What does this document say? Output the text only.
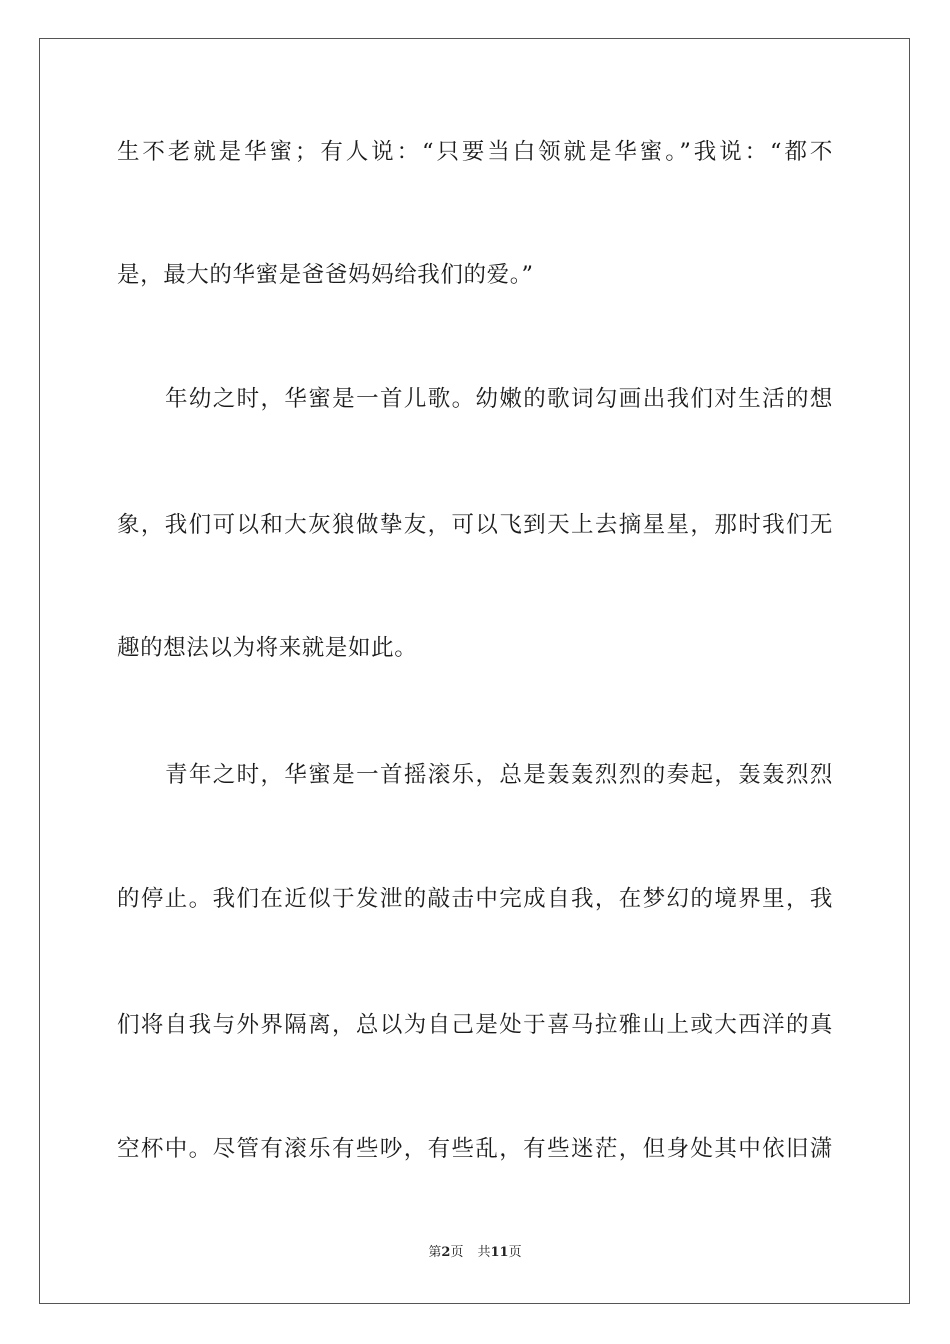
生不老就是华蜜；有人说：“只要当白领就是华蜜。”我说：“都不
是，最大的华蜜是爸爸妈妈给我们的爱。”
年幼之时，华蜜是一首儿歌。幼嫩的歌词勾画出我们对生活的想
象，我们可以和大灰狼做挚友，可以飞到天上去摘星星，那时我们无
趣的想法以为将来就是如此。
青年之时，华蜜是一首摇滚乐，总是轰轰烈烈的奏起，轰轰烈烈
的停止。我们在近似于发泄的敲击中完成自我，在梦幻的境界里，我
们将自我与外界隔离，总以为自己是处于喜马拉雅山上或大西洋的真
空杯中。尽管有滚乐有些吵，有些乱，有些迷茫，但身处其中依旧潇
第2页 共11页
